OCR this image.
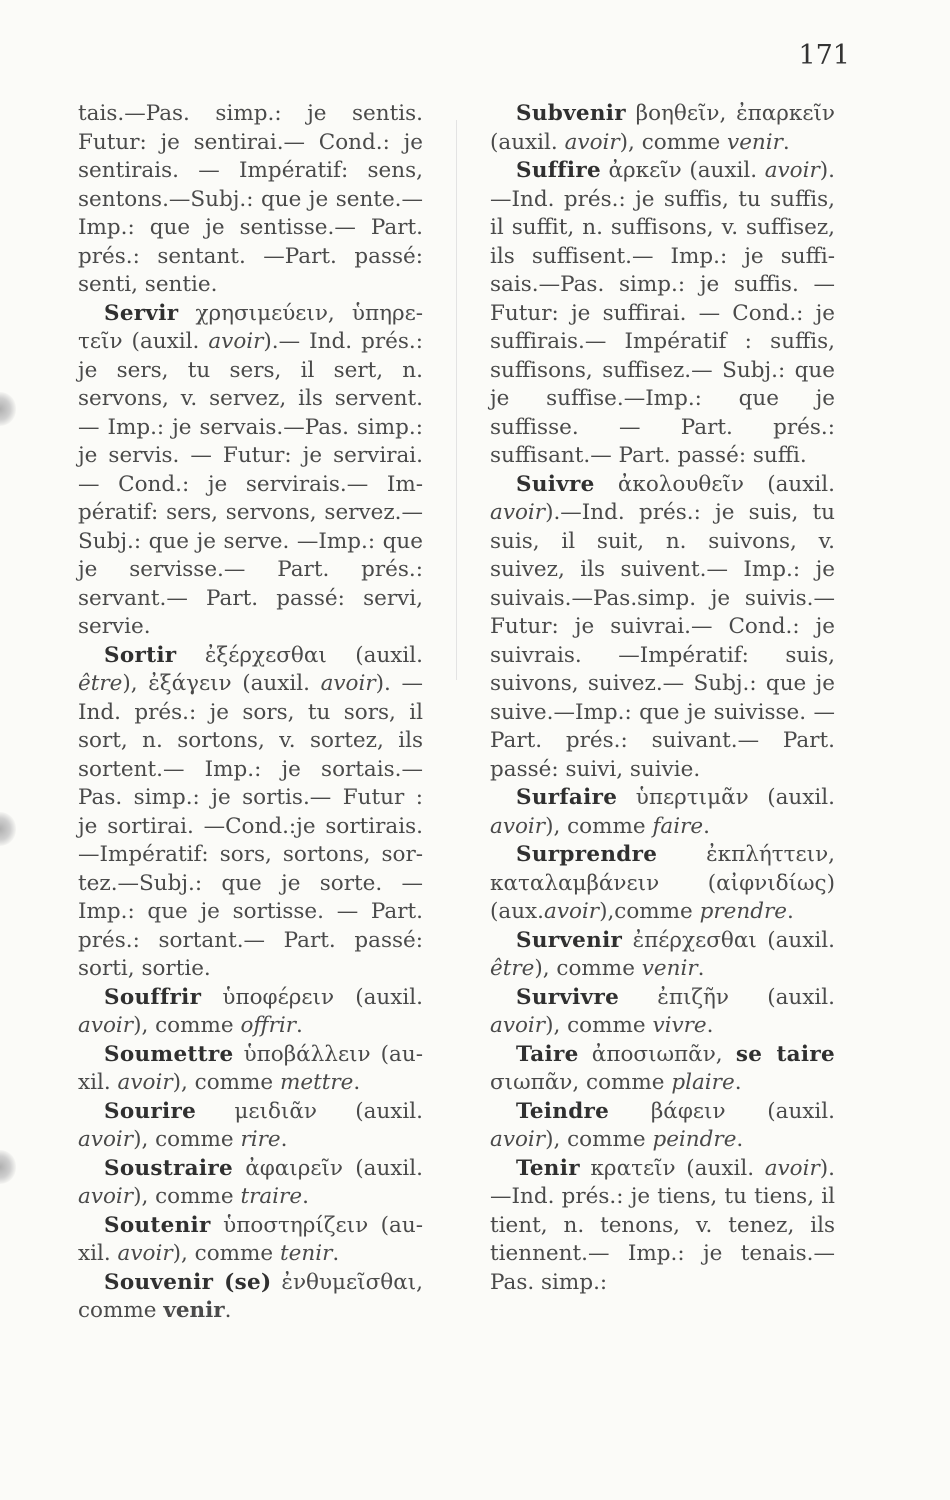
171

tais.—Pas. simp.: je sentis. Futur: je sentirai.— Cond.: je sentirais. — Impératif: sens, sentons.—Subj.: que je sente.—Imp.: que je sentisse.— Part. prés.: sentant. —Part. passé: senti, sentie.

Servir χρησιμεύειν, ὑπηρετεῖν (auxil. avoir).— Ind. prés.: je sers, tu sers, il sert, n. servons, v. servez, ils servent.— Imp.: je servais.—Pas. simp.: je servis. — Futur: je servirai.— Cond.: je servirais.— Impératif: sers, servons, servez.—Subj.: que je serve. —Imp.: que je servisse.— Part. prés.: servant.— Part. passé: servi, servie.

Sortir ἐξέρχεσθαι (auxil. être), ἐξάγειν (auxil. avoir). —Ind. prés.: je sors, tu sors, il sort, n. sortons, v. sortez, ils sortent.— Imp.: je sortais.— Pas. simp.: je sortis.— Futur : je sortirai. —Cond.:je sortirais. —Impératif: sors, sortons, sortez.—Subj.: que je sorte. —Imp.: que je sortisse. — Part. prés.: sortant.— Part. passé: sorti, sortie.

Souffrir ὑποφέρειν (auxil. avoir), comme offrir.

Soumettre ὑποβάλλειν (auxil. avoir), comme mettre.

Sourire μειδιᾶν (auxil. avoir), comme rire.

Soustraire ἀφαιρεῖν (auxil. avoir), comme traire.

Soutenir ὑποστηρίζειν (auxil. avoir), comme tenir.

Souvenir (se) ἐνθυμεῖσθαι, comme venir.

Subvenir βοηθεῖν, ἐπαρκεῖν (auxil. avoir), comme venir.

Suffire ἀρκεῖν (auxil. avoir).—Ind. prés.: je suffis, tu suffis, il suffit, n. suffisons, v. suffisez, ils suffisent.— Imp.: je suffisais.—Pas. simp.: je suffis. — Futur: je suffirai. — Cond.: je suffirais.— Impératif : suffis, suffisons, suffisez.— Subj.: que je suffise.—Imp.: que je suffisse. — Part. prés.: suffisant.— Part. passé: suffi.

Suivre ἀκολουθεῖν (auxil. avoir).—Ind. prés.: je suis, tu suis, il suit, n. suivons, v. suivez, ils suivent.— Imp.: je suivais.—Pas.simp. je suivis.— Futur: je suivrai.— Cond.: je suivrais. —Impératif: suis, suivons, suivez.— Subj.: que je suive.—Imp.: que je suivisse. — Part. prés.: suivant.— Part. passé: suivi, suivie.

Surfaire ὑπερτιμᾶν (auxil. avoir), comme faire.

Surprendre ἐκπλήττειν, καταλαμβάνειν (αἰφνιδίως) (aux.avoir),comme prendre.

Survenir ἐπέρχεσθαι (auxil. être), comme venir.

Survivre ἐπιζῆν (auxil. avoir), comme vivre.

Taire ἀποσιωπᾶν, se taire σιωπᾶν, comme plaire.

Teindre βάφειν (auxil. avoir), comme peindre.

Tenir κρατεῖν (auxil. avoir).—Ind. prés.: je tiens, tu tiens, il tient, n. tenons, v. tenez, ils tiennent.— Imp.: je tenais.—Pas. simp.:
